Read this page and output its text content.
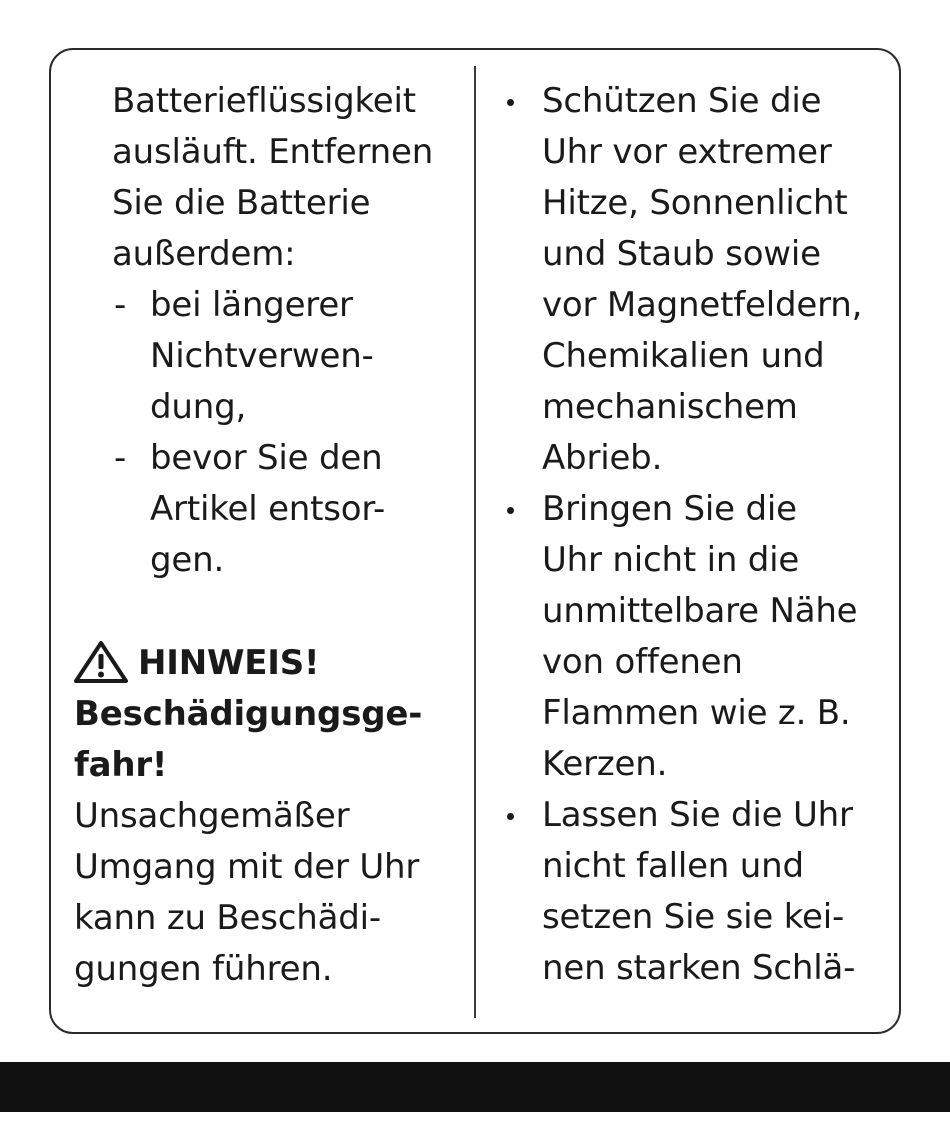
Batterieflüssigkeit
ausläuft. Entfernen
Sie die Batterie
außerdem:
- bei längerer
Nichtverwen-
dung,
- bevor Sie den
Artikel entsor-
gen.
HINWEIS!
Beschädigungsge-
fahr!
Unsachgemäßer
Umgang mit der Uhr
kann zu Beschädi-
gungen führen.
Schützen Sie die
Uhr vor extremer
Hitze, Sonnenlicht
und Staub sowie
vor Magnetfeldern,
Chemikalien und
mechanischem
Abrieb.
Bringen Sie die
Uhr nicht in die
unmittelbare Nähe
von offenen
Flammen wie z. B.
Kerzen.
Lassen Sie die Uhr
nicht fallen und
setzen Sie sie kei-
nen starken Schlä-
